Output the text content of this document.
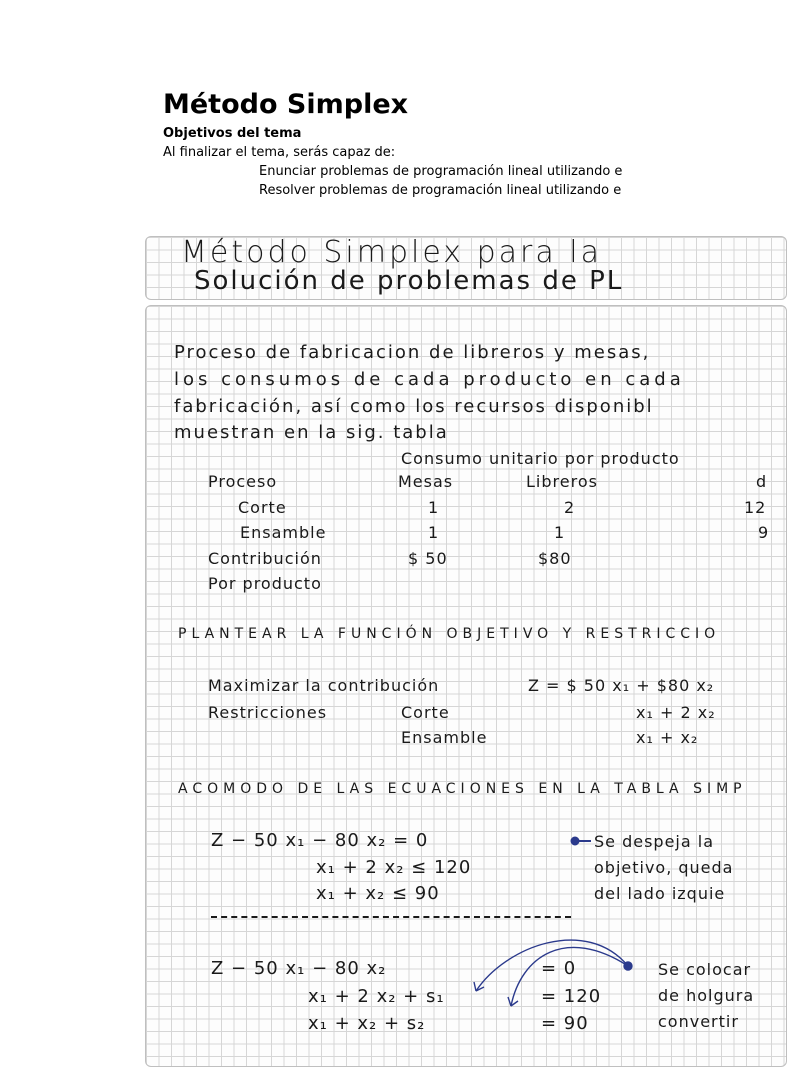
Método Simplex
Objetivos del tema
Al finalizar el tema, serás capaz de:
Enunciar problemas de programación lineal utilizando e
Resolver problemas de programación lineal utilizando e
Método Simplex para la
Solución de problemas de PL
Proceso de fabricacion de libreros y mesas,
los consumos de cada producto en cada
fabricación, así como los recursos disponibl
muestran en la sig. tabla
Consumo unitario por producto
Proceso	Mesas	Libreros	d
Corte	1	2	12
Ensamble	1	1	9
Contribución	$ 50	$80
Por producto
PLANTEAR LA FUNCIÓN OBJETIVO Y RESTRICCIO
Maximizar la contribución	Z = $ 50 x₁ + $80 x₂
Restricciones	Corte	x₁ + 2 x₂
Ensamble	x₁ + x₂
ACOMODO DE LAS ECUACIONES EN LA TABLA SIMP
Z − 50 x₁ − 80 x₂ = 0
x₁ + 2 x₂ ≤ 120
x₁ + x₂ ≤ 90
Se despeja la
objetivo, queda
del lado izquie
Z − 50 x₁ − 80 x₂	= 0
x₁ + 2 x₂ + s₁	= 120
x₁ + x₂ + s₂	= 90
Se colocar
de holgura
convertir
